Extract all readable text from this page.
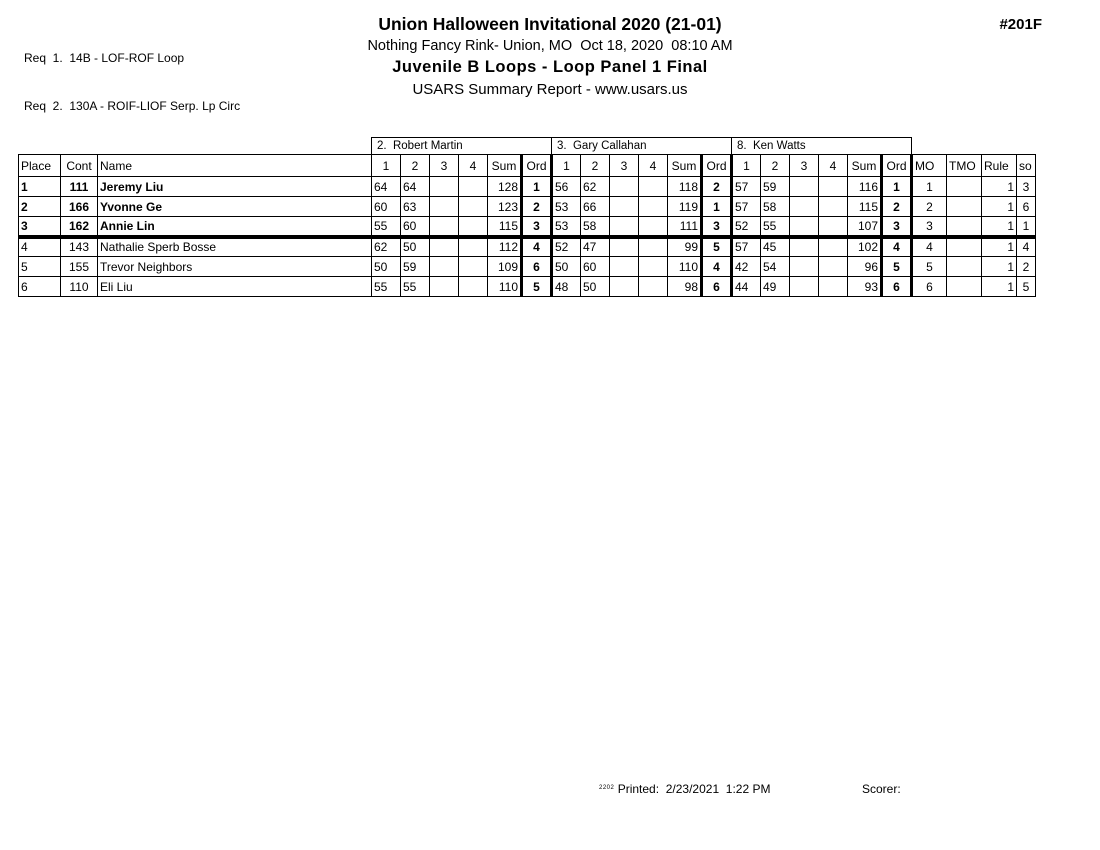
Req  1.  14B - LOF-ROF Loop

Req  2.  130A - ROIF-LIOF Serp. Lp Circ

Union Halloween Invitational 2020 (21-01)
Nothing Fancy Rink- Union, MO  Oct 18, 2020  08:10 AM
Juvenile B Loops - Loop Panel 1 Final
USARS Summary Report - www.usars.us
#201F
			2.  Robert Martin						3.  Gary Callahan						8.  Ken Watts									
Place	Cont	Name	1	2	3	4	Sum	Ord	1	2	3	4	Sum	Ord	1	2	3	4	Sum	Ord	MO	TMO	Rule	so
1	111	Jeremy Liu	64	64			128	1	56	62			118	2	57	59			116	1	1		1	3
2	166	Yvonne Ge	60	63			123	2	53	66			119	1	57	58			115	2	2		1	6
3	162	Annie Lin	55	60			115	3	53	58			111	3	52	55			107	3	3		1	1
4	143	Nathalie Sperb Bosse	62	50			112	4	52	47			99	5	57	45			102	4	4		1	4
5	155	Trevor Neighbors	50	59			109	6	50	60			110	4	42	54			96	5	5		1	2
6	110	Eli Liu	55	55			110	5	48	50			98	6	44	49			93	6	6		1	5
$^{2202}$ Printed: 2/23/2021  1:22 PM	Scorer:
